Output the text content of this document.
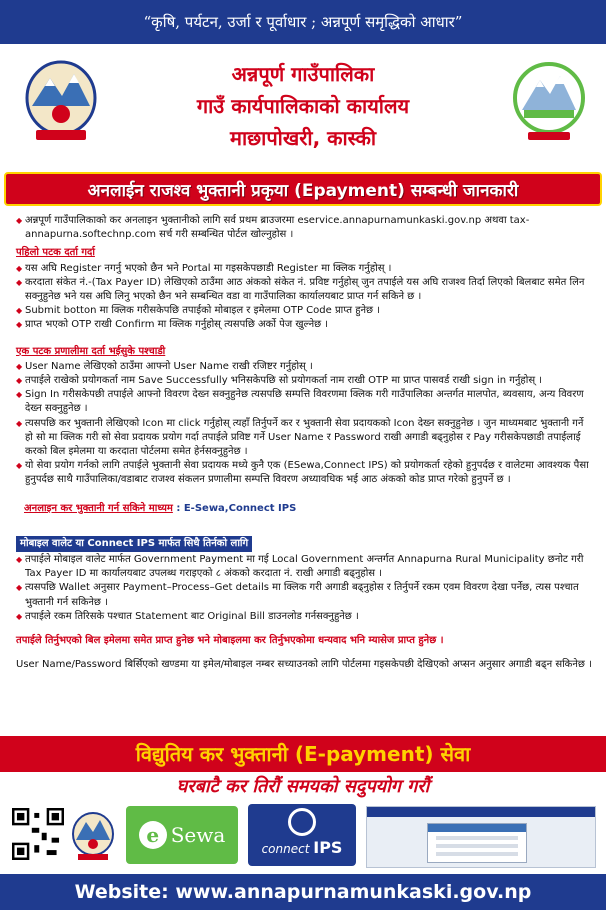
“कृषि, पर्यटन, उर्जा र पूर्वाधार ; अन्नपूर्ण समृद्धिको आधार”
अन्नपूर्ण गाउँपालिका
गाउँ कार्यपालिकाको कार्यालय
माछापोखरी, कास्की
अनलाईन राजश्व भुक्तानी प्रकृया (Epayment) सम्बन्धी जानकारी
◆ अन्नपूर्ण गाउँपालिकाको कर अनलाइन भुक्तानीको लागि सर्व प्रथम ब्राउजरमा eservice.annapurnamunkaski.gov.np अथवा tax-annapurna.softechnp.com सर्च गरी सम्बन्धित पोर्टल खोल्नुहोस ।
पहिलो पटक दर्ता गर्दा
◆ यस अघि Register नगर्नु भएको छैन भने Portal मा गइसकेपछाडी Register मा क्लिक गर्नुहोस् ।
◆ करदाता संकेत नं.-(Tax Payer ID) लेखिएको ठाउँमा आठ अंकको संकेत नं. प्रविष्ट गर्नुहोस् जुन तपाईले यस अघि राजश्व तिर्दा लिएको बिलबाट समेत लिन सक्नुहुनेछ भने यस अघि लिनु भएको छैन भने सम्बन्धित वडा वा गाउँपालिका कार्यालयबाट प्राप्त गर्न सकिने छ ।
◆ Submit botton मा क्लिक गरीसकेपछि तपाईको मोबाइल र इमेलमा OTP Code प्राप्त हुनेछ ।
◆ प्राप्त भएको OTP राखी Confirm मा क्लिक गर्नुहोस् त्यसपछि अर्को पेज खुल्नेछ ।
एक पटक प्रणालीमा दर्ता भईसुके पश्चाडी
◆ User Name लेखिएको ठाउँमा आफ्नो User Name राखी रजिष्टर गर्नुहोस् ।
◆ तपाईले राखेको प्रयोगकर्ता नाम Save Successfully भनिसकेपछि सो प्रयोगकर्ता नाम राखी OTP मा प्राप्त पासवर्ड राखी sign in गर्नुहोस् ।
◆ Sign In गरीसकेपछी तपाईले आफ्नो विवरण देख्न सक्नुहुनेछ त्यसपछि सम्पत्ति विवरणमा क्लिक गरी गाउँपालिका अन्तर्गत मालपोत, ब्यवसाय, अन्य विवरण देख्न सक्नुहुनेछ ।
◆ त्यसपछि कर भुक्तानी लेखिएको Icon मा click गर्नुहोस् त्यहाँ तिर्नुपर्ने कर र भुक्तानी सेवा प्रदायकको Icon देख्न सक्नुहुनेछ । जुन माध्यमबाट भुक्तानी गर्ने हो सो मा क्लिक गरी सो सेवा प्रदायक प्रयोग गर्दा तपाईले प्रविष्ट गर्ने User Name र Password राखी अगाडी बढ्नुहोस र Pay गरीसकेपछाडी तपाईलाई करको बिल इमेलमा या करदाता पोर्टलमा समेत हेर्नसक्नुहुनेछ ।
◆ यो सेवा प्रयोग गर्नको लागि तपाईले भुक्तानी सेवा प्रदायक मध्ये कुनै एक (ESewa,Connect IPS) को प्रयोगकर्ता रहेको हुनुपर्दछ र वालेटमा आवश्यक पैसा हुनुपर्दछ साथै गाउँपालिका/वडाबाट राजश्व संकलन प्रणालीमा सम्पत्ति विवरण अध्यावधिक भई आठ अंकको कोड प्राप्त गरेको हुनुपर्ने छ ।
अनलाइन कर भुक्तानी गर्न सकिने माध्यम : E-Sewa,Connect IPS
मोबाइल वालेट या Connect IPS मार्फत सिधै तिर्नको लागि
◆ तपाईले मोबाइल वालेट मार्फत Government Payment मा गई Local Government अन्तर्गत Annapurna Rural Municipality छनोट गरी Tax Payer ID मा कार्यालयबाट उपलब्ध गराइएको ८ अंकको करदाता नं. राखी अगाडी बढ्नुहोस ।
◆ त्यसपछि Wallet अनुसार Payment–Process–Get details मा क्लिक गरी अगाडी बढ्नुहोस र तिर्नुपर्ने रकम एवम विवरण देखा पर्नेछ, त्यस पश्चात भुक्तानी गर्न सकिनेछ ।
◆ तपाईले रकम तिरिसके पश्चात Statement बाट Original Bill डाउनलोड गर्नसक्नुहुनेछ ।
तपाईले तिर्नुभएको बिल इमेलमा समेत प्राप्त हुनेछ भने मोबाइलमा कर तिर्नुभएकोमा धन्यवाद भनि म्यासेज प्राप्त हुनेछ ।
User Name/Password बिर्सिएको खण्डमा या इमेल/मोबाइल नम्बर सच्याउनको लागि पोर्टलमा गइसकेपछी देखिएको अप्सन अनुसार अगाडी बढ्न सकिनेछ ।
विद्युतिय कर भुक्तानी (E-payment) सेवा
घरबाटै कर तिरौं समयको सदुपयोग गरौं
e Sewa
connect IPS
Website: www.annapurnamunkaski.gov.np
